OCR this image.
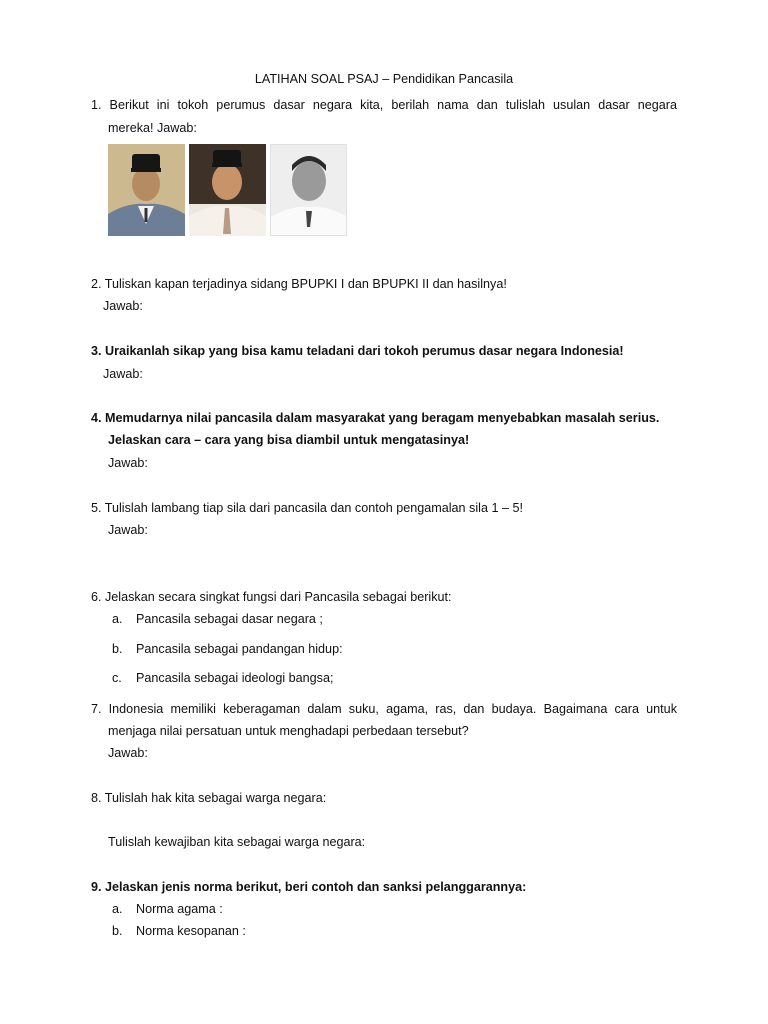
LATIHAN SOAL PSAJ – Pendidikan Pancasila
1. Berikut ini tokoh perumus dasar negara kita, berilah nama dan tulislah usulan dasar negara
mereka! Jawab:
2. Tuliskan kapan terjadinya sidang BPUPKI I dan BPUPKI II dan hasilnya!
Jawab:
3. Uraikanlah sikap yang bisa kamu teladani dari tokoh perumus dasar negara Indonesia!
Jawab:
4. Memudarnya nilai pancasila dalam masyarakat yang beragam menyebabkan masalah serius.
Jelaskan cara – cara yang bisa diambil untuk mengatasinya!
Jawab:
5. Tulislah lambang tiap sila dari pancasila dan contoh pengamalan sila 1 – 5!
Jawab:
6. Jelaskan secara singkat fungsi dari Pancasila sebagai berikut:
a. Pancasila sebagai dasar negara ;
b. Pancasila sebagai pandangan hidup:
c. Pancasila sebagai ideologi bangsa;
7. Indonesia memiliki keberagaman dalam suku, agama, ras, dan budaya. Bagaimana cara untuk
menjaga nilai persatuan untuk menghadapi perbedaan tersebut?
Jawab:
8. Tulislah hak kita sebagai warga negara:
Tulislah kewajiban kita sebagai warga negara:
9. Jelaskan jenis norma berikut, beri contoh dan sanksi pelanggarannya:
a. Norma agama :
b. Norma kesopanan :
